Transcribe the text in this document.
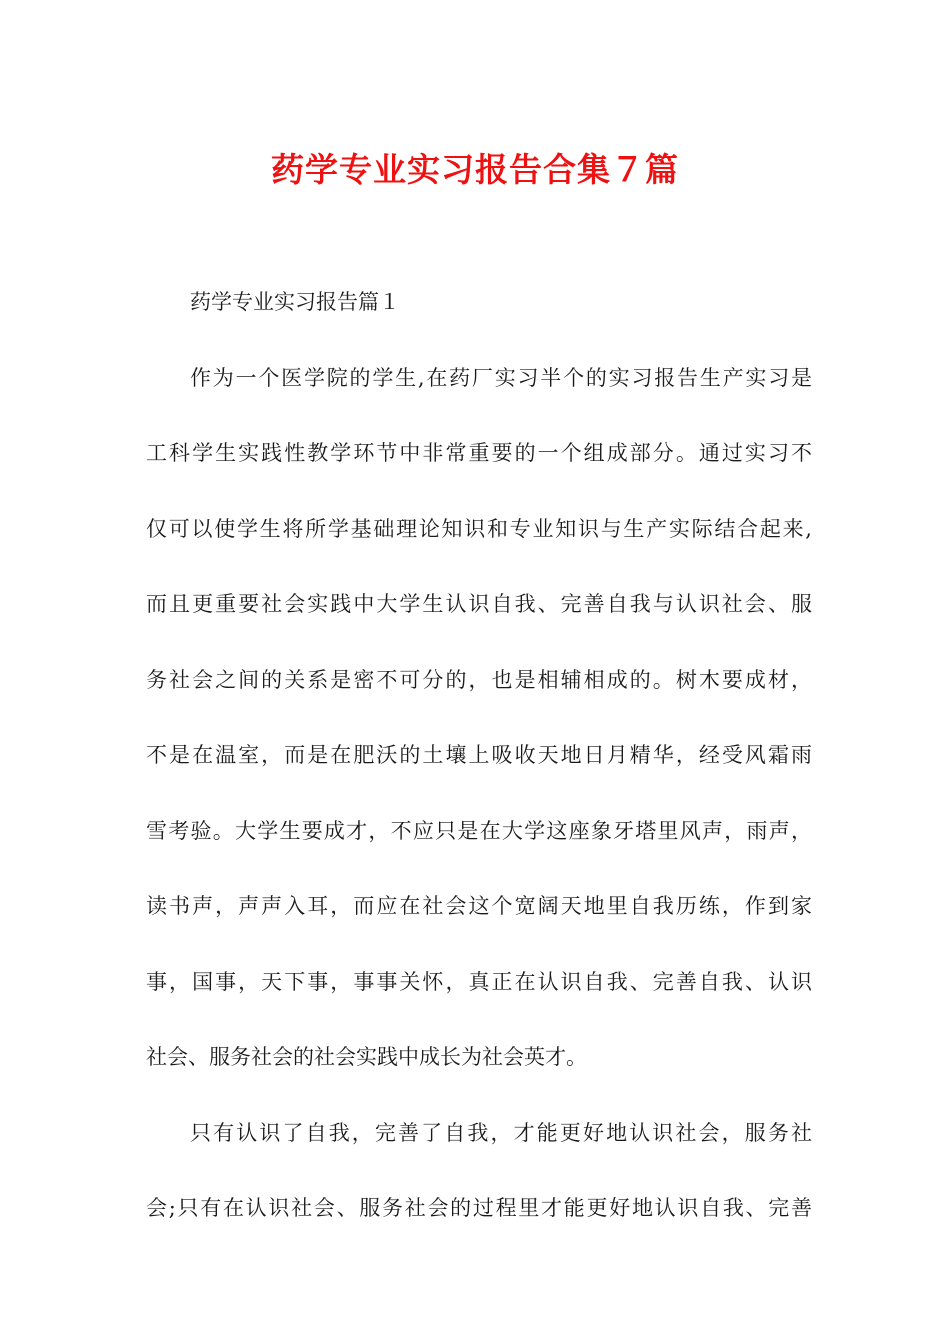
药学专业实习报告合集７篇
药学专业实习报告篇１
作为一个医学院的学生,在药厂实习半个的实习报告生产实习是
工科学生实践性教学环节中非常重要的一个组成部分。通过实习不
仅可以使学生将所学基础理论知识和专业知识与生产实际结合起来,
而且更重要社会实践中大学生认识自我、完善自我与认识社会、服
务社会之间的关系是密不可分的，也是相辅相成的。树木要成材，
不是在温室，而是在肥沃的土壤上吸收天地日月精华，经受风霜雨
雪考验。大学生要成才，不应只是在大学这座象牙塔里风声，雨声，
读书声，声声入耳，而应在社会这个宽阔天地里自我历练，作到家
事，国事，天下事，事事关怀，真正在认识自我、完善自我、认识
社会、服务社会的社会实践中成长为社会英才。
只有认识了自我，完善了自我，才能更好地认识社会，服务社
会;只有在认识社会、服务社会的过程里才能更好地认识自我、完善
